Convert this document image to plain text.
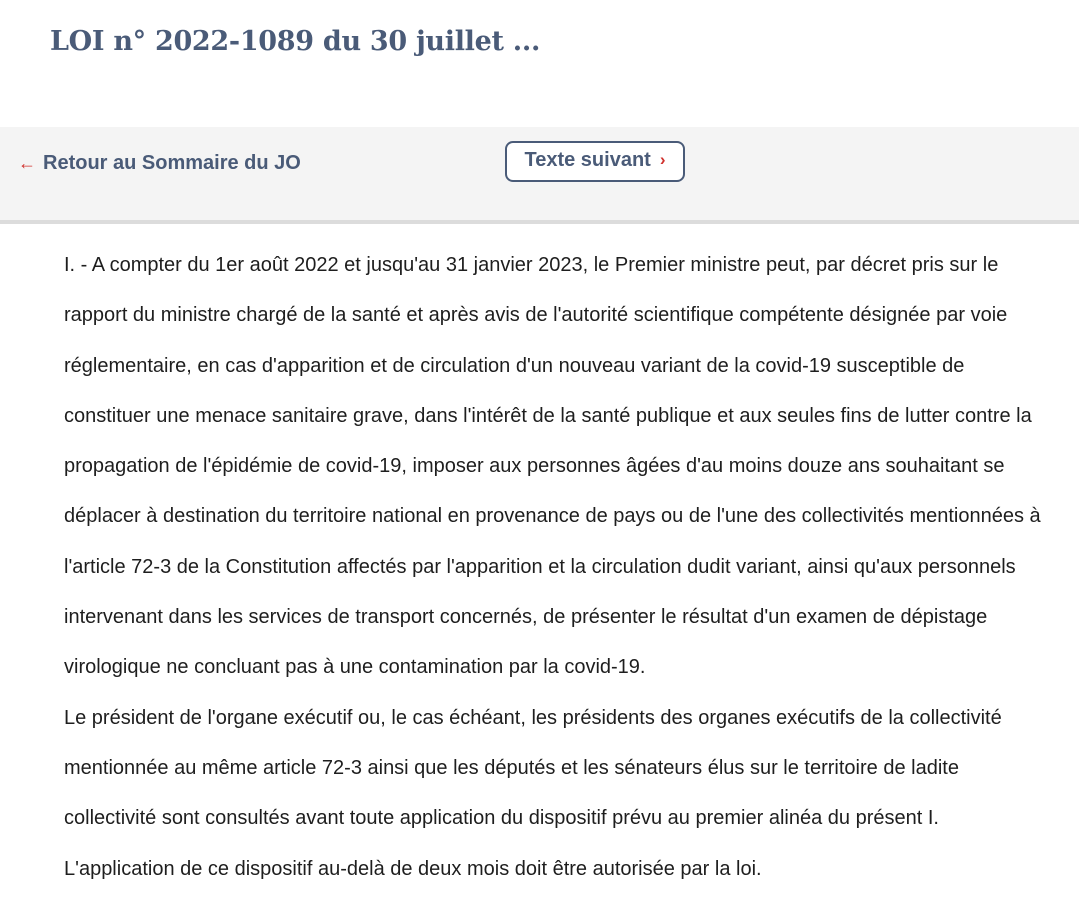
LOI n° 2022-1089 du 30 juillet ...
← Retour au Sommaire du JO	Texte suivant ›

I. - A compter du 1er août 2022 et jusqu'au 31 janvier 2023, le Premier ministre peut, par décret pris sur le rapport du ministre chargé de la santé et après avis de l'autorité scientifique compétente désignée par voie réglementaire, en cas d'apparition et de circulation d'un nouveau variant de la covid-19 susceptible de constituer une menace sanitaire grave, dans l'intérêt de la santé publique et aux seules fins de lutter contre la propagation de l'épidémie de covid-19, imposer aux personnes âgées d'au moins douze ans souhaitant se déplacer à destination du territoire national en provenance de pays ou de l'une des collectivités mentionnées à l'article 72-3 de la Constitution affectés par l'apparition et la circulation dudit variant, ainsi qu'aux personnels intervenant dans les services de transport concernés, de présenter le résultat d'un examen de dépistage virologique ne concluant pas à une contamination par la covid-19.

Le président de l'organe exécutif ou, le cas échéant, les présidents des organes exécutifs de la collectivité mentionnée au même article 72-3 ainsi que les députés et les sénateurs élus sur le territoire de ladite collectivité sont consultés avant toute application du dispositif prévu au premier alinéa du présent I.

L'application de ce dispositif au-delà de deux mois doit être autorisée par la loi.
